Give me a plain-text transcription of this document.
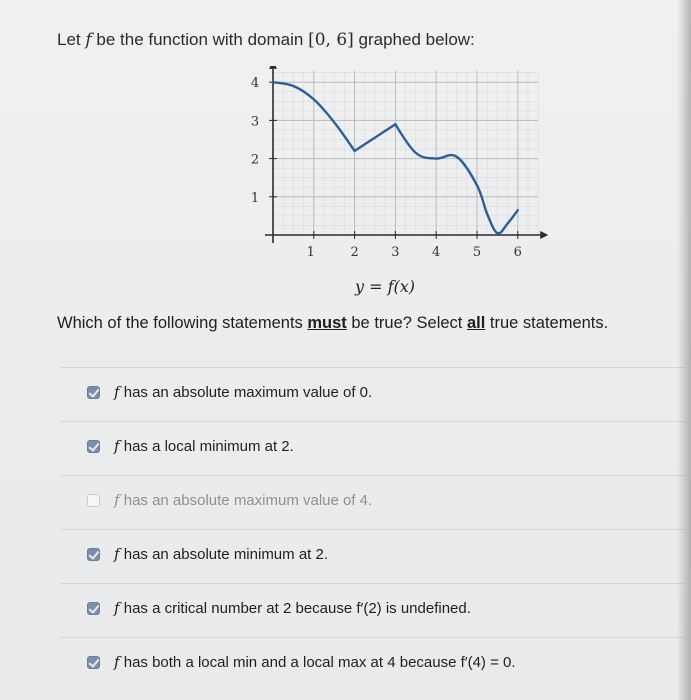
Let f be the function with domain [0, 6] graphed below:
1	2	3	4	5	6
1
2
3
4
y = f(x)
Which of the following statements must be true? Select all true statements.
f has an absolute maximum value of 0.
f has a local minimum at 2.
f has an absolute maximum value of 4.
f has an absolute minimum at 2.
f has a critical number at 2 because f′(2) is undefined.
f has both a local min and a local max at 4 because f′(4) = 0.
